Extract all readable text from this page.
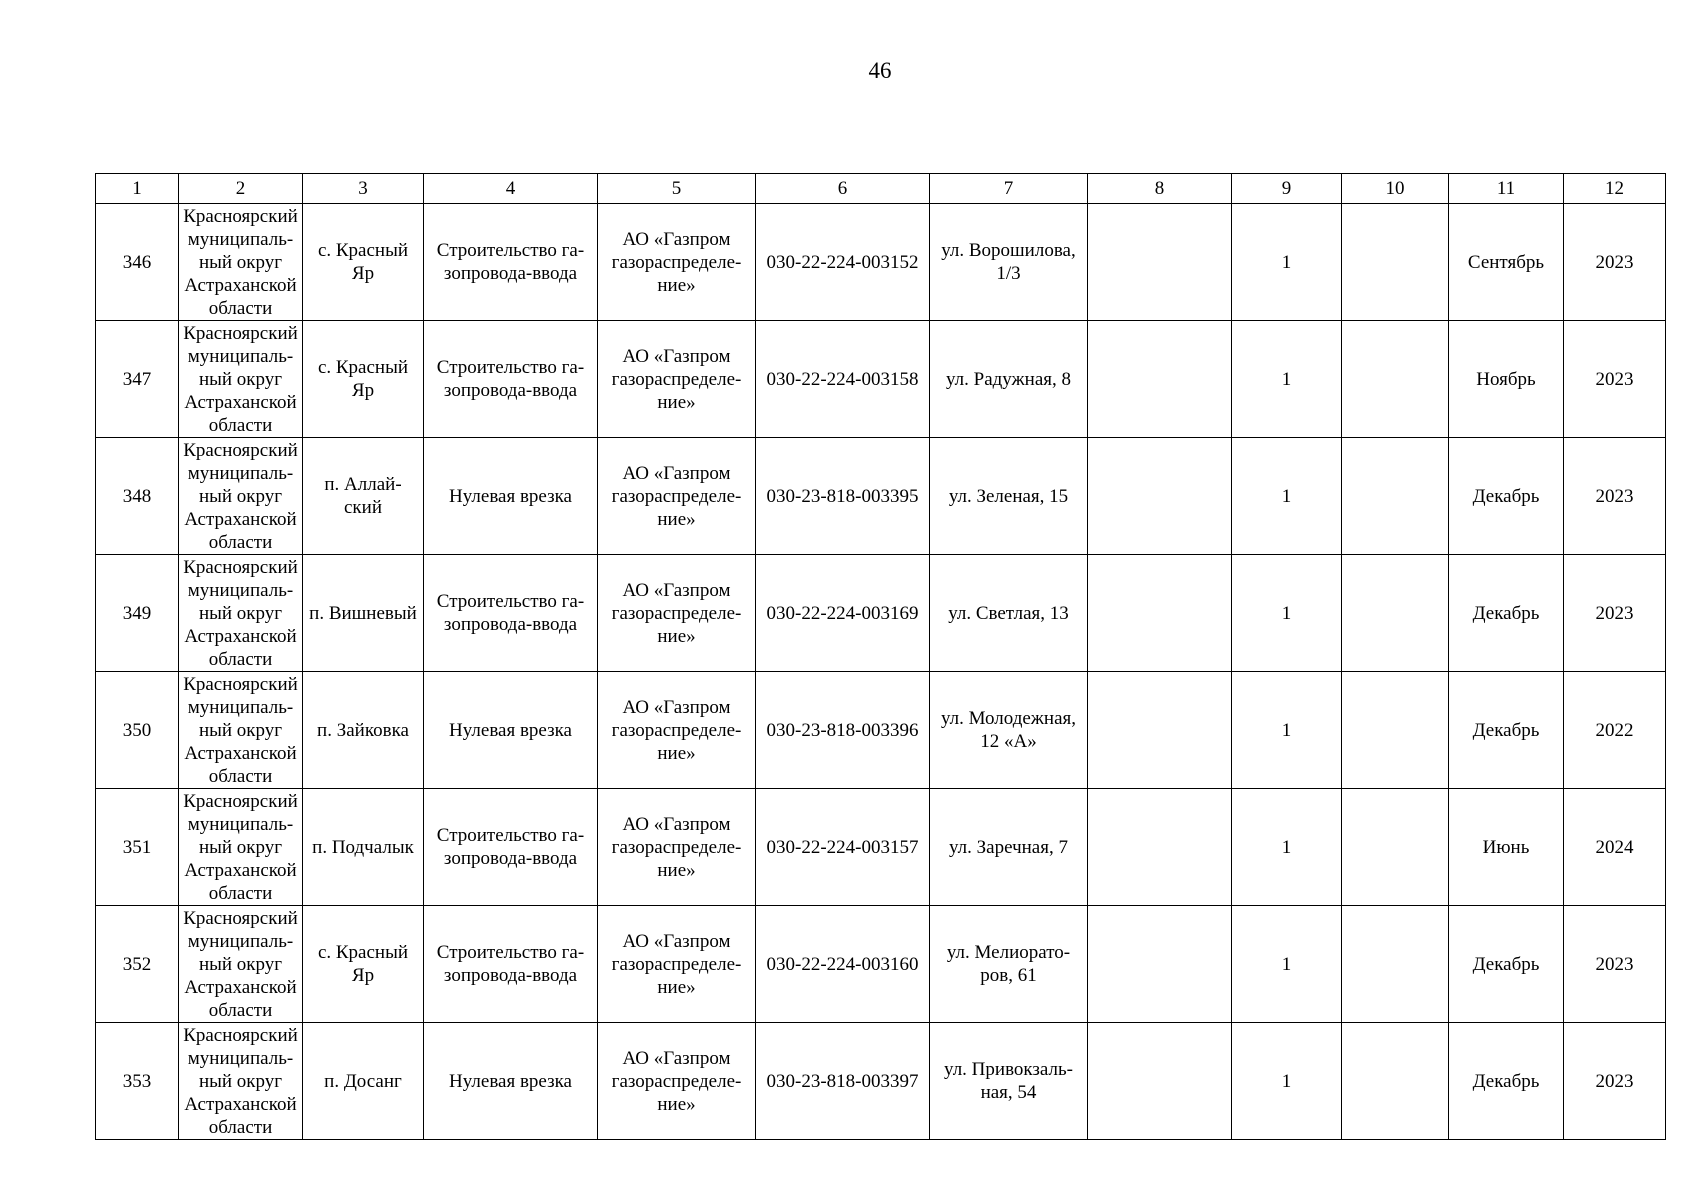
46
1	2	3	4	5	6	7	8	9	10	11	12
346	Красноярский
муниципаль-
ный округ
Астраханской
области	с. Красный
Яр	Строительство га-
зопровода-ввода	АО «Газпром
газораспределе-
ние»	030-22-224-003152	ул. Ворошилова,
1/3		1		Сентябрь	2023
347	Красноярский
муниципаль-
ный округ
Астраханской
области	с. Красный
Яр	Строительство га-
зопровода-ввода	АО «Газпром
газораспределе-
ние»	030-22-224-003158	ул. Радужная, 8		1		Ноябрь	2023
348	Красноярский
муниципаль-
ный округ
Астраханской
области	п. Аллай-
ский	Нулевая врезка	АО «Газпром
газораспределе-
ние»	030-23-818-003395	ул. Зеленая, 15		1		Декабрь	2023
349	Красноярский
муниципаль-
ный округ
Астраханской
области	п. Вишневый	Строительство га-
зопровода-ввода	АО «Газпром
газораспределе-
ние»	030-22-224-003169	ул. Светлая, 13		1		Декабрь	2023
350	Красноярский
муниципаль-
ный округ
Астраханской
области	п. Зайковка	Нулевая врезка	АО «Газпром
газораспределе-
ние»	030-23-818-003396	ул. Молодежная,
12 «А»		1		Декабрь	2022
351	Красноярский
муниципаль-
ный округ
Астраханской
области	п. Подчалык	Строительство га-
зопровода-ввода	АО «Газпром
газораспределе-
ние»	030-22-224-003157	ул. Заречная, 7		1		Июнь	2024
352	Красноярский
муниципаль-
ный округ
Астраханской
области	с. Красный
Яр	Строительство га-
зопровода-ввода	АО «Газпром
газораспределе-
ние»	030-22-224-003160	ул. Мелиорато-
ров, 61		1		Декабрь	2023
353	Красноярский
муниципаль-
ный округ
Астраханской
области	п. Досанг	Нулевая врезка	АО «Газпром
газораспределе-
ние»	030-23-818-003397	ул. Привокзаль-
ная, 54		1		Декабрь	2023
